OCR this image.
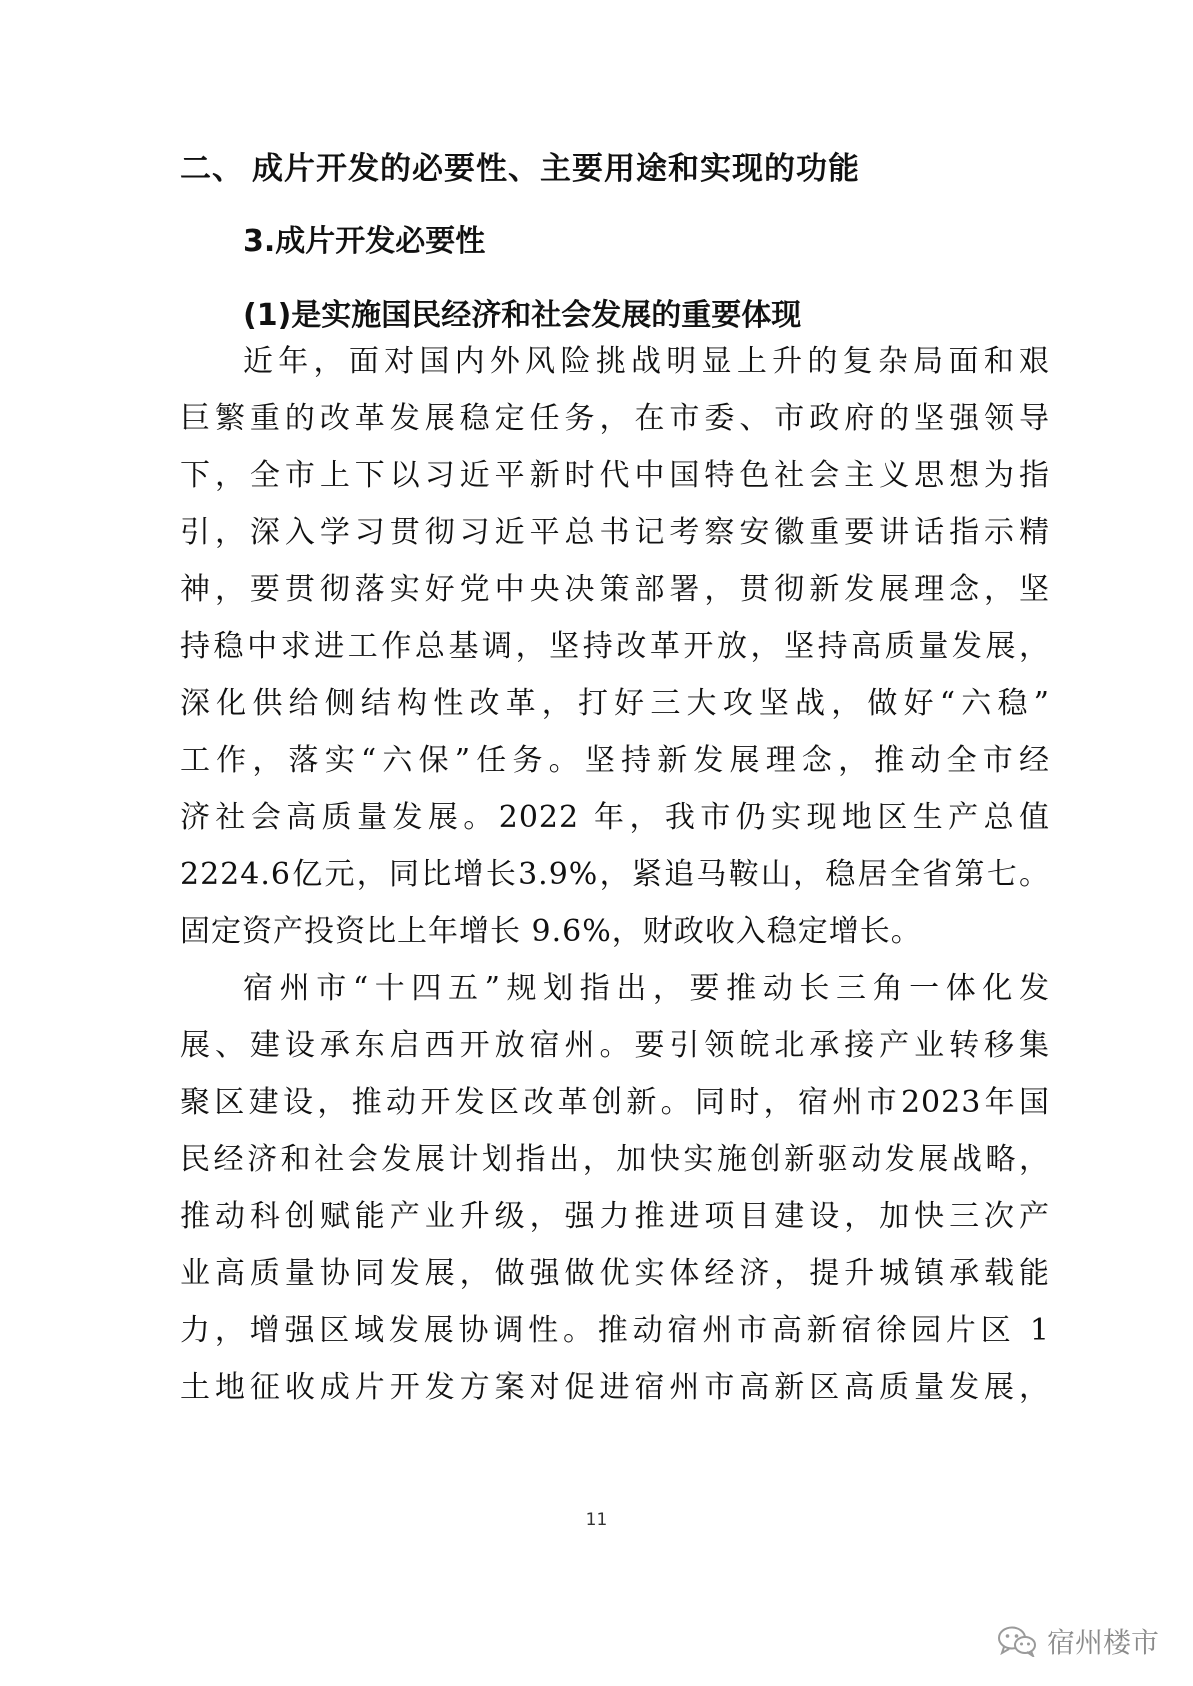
二、 成片开发的必要性、主要用途和实现的功能
3.成片开发必要性
(1)是实施国民经济和社会发展的重要体现
近年，面对国内外风险挑战明显上升的复杂局面和艰
巨繁重的改革发展稳定任务，在市委、市政府的坚强领导
下，全市上下以习近平新时代中国特色社会主义思想为指
引，深入学习贯彻习近平总书记考察安徽重要讲话指示精
神，要贯彻落实好党中央决策部署，贯彻新发展理念，坚
持稳中求进工作总基调，坚持改革开放，坚持高质量发展，
深化供给侧结构性改革，打好三大攻坚战，做好“六稳”
工作，落实“六保”任务。坚持新发展理念，推动全市经
济社会高质量发展。2022 年，我市仍实现地区生产总值
2224.6亿元，同比增长3.9%，紧追马鞍山，稳居全省第七。
固定资产投资比上年增长 9.6%，财政收入稳定增长。
宿州市“十四五”规划指出，要推动长三角一体化发
展、建设承东启西开放宿州。要引领皖北承接产业转移集
聚区建设，推动开发区改革创新。同时，宿州市2023年国
民经济和社会发展计划指出，加快实施创新驱动发展战略，
推动科创赋能产业升级，强力推进项目建设，加快三次产
业高质量协同发展，做强做优实体经济，提升城镇承载能
力，增强区域发展协调性。推动宿州市高新宿徐园片区 1
土地征收成片开发方案对促进宿州市高新区高质量发展，
11
宿州楼市
